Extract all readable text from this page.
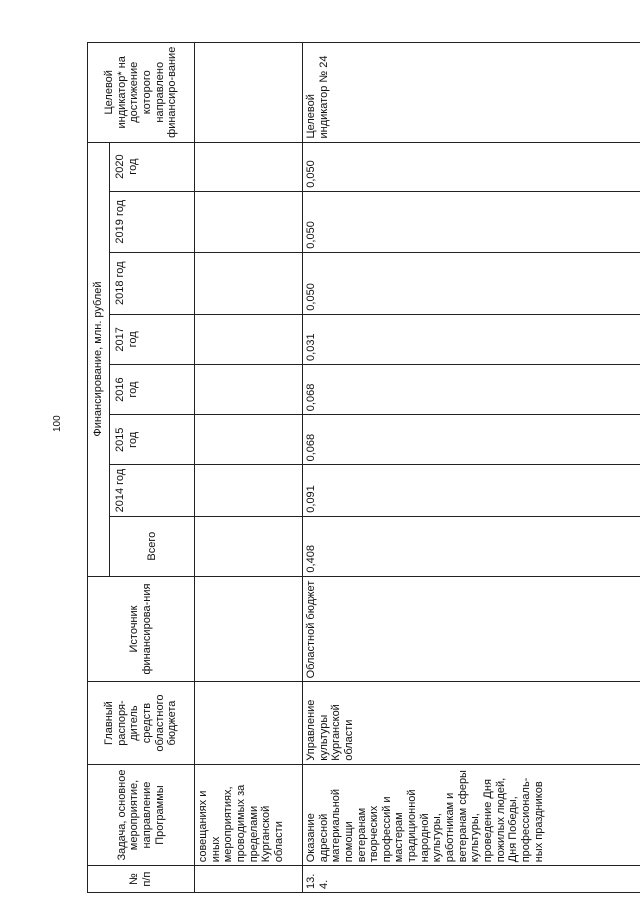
100
№ п/п	Задача, основное мероприятие, направление Программы	Главный распоря-дитель средств областного бюджета	Источник финансирова-ния	Финансирование, млн. рублей								Целевой индикатор* на достижение которого направлено финансиро-вание
				Всего	2014 год	2015 год	2016 год	2017 год	2018 год	2019 год	2020 год	
	совещаниях и иных мероприятиях, проводимых за пределами Курганской области											
13.4.	Оказание адресной материальной помощи ветеранам творческих профессий и мастерам традиционной народной культуры, работникам и ветеранам сферы культуры, проведение Дня пожилых людей, Дня Победы, профессиональ-ных праздников	Управление культуры Курганской области	Областной бюджет	0,408	0,091	0,068	0,068	0,031	0,050	0,050	0,050	Целевой индикатор № 24
